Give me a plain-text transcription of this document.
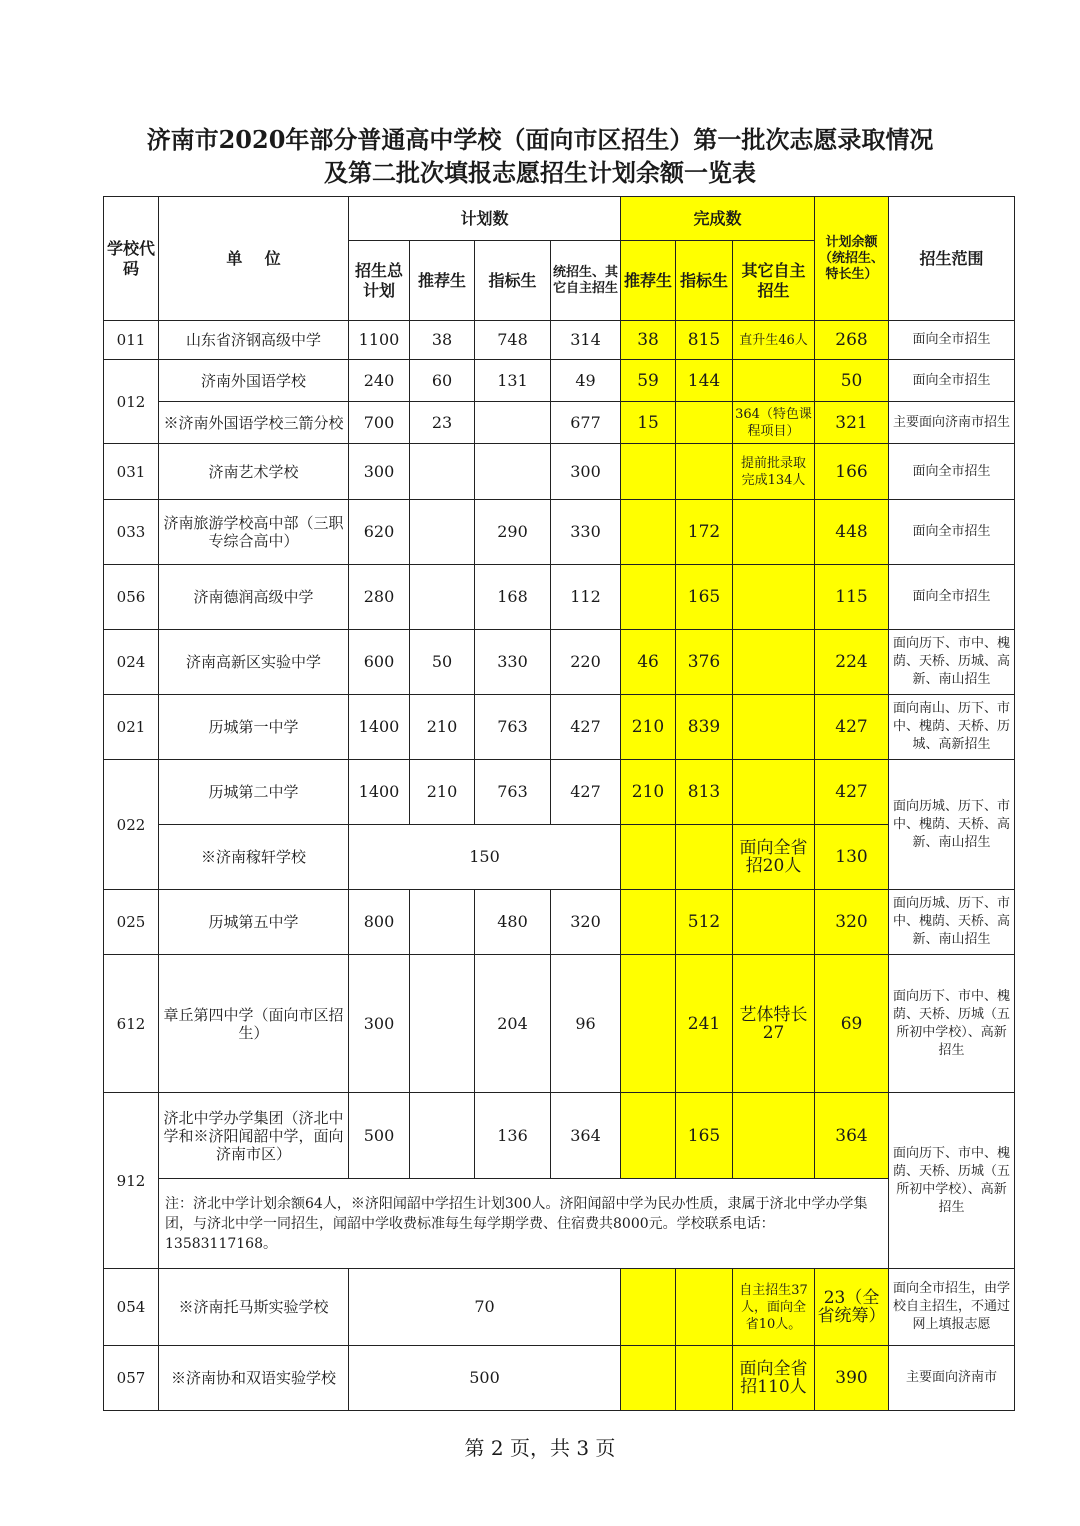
济南市2020年部分普通高中学校（面向市区招生）第一批次志愿录取情况
及第二批次填报志愿招生计划余额一览表
学校代码	单    位	计划数				完成数			计划余额（统招生、特长生）	招生范围
		招生总计划	推荐生	指标生	统招生、其它自主招生	推荐生	指标生	其它自主招生		
011	山东省济钢高级中学	1100	38	748	314	38	815	直升生46人	268	面向全市招生
012	济南外国语学校	240	60	131	49	59	144		50	面向全市招生
	※济南外国语学校三箭分校	700	23		677	15		364（特色课程项目）	321	主要面向济南市招生
031	济南艺术学校	300			300			提前批录取完成134人	166	面向全市招生
033	济南旅游学校高中部（三职专综合高中）	620		290	330		172		448	面向全市招生
056	济南德润高级中学	280		168	112		165		115	面向全市招生
024	济南高新区实验中学	600	50	330	220	46	376		224	面向历下、市中、槐荫、天桥、历城、高新、南山招生
021	历城第一中学	1400	210	763	427	210	839		427	面向南山、历下、市中、槐荫、天桥、历城、高新招生
022	历城第二中学	1400	210	763	427	210	813		427	面向历城、历下、市中、槐荫、天桥、高新、南山招生
	※济南稼轩学校	150						面向全省招20人	130	
025	历城第五中学	800		480	320		512		320	面向历城、历下、市中、槐荫、天桥、高新、南山招生
612	章丘第四中学（面向市区招生）	300		204	96		241	艺体特长27	69	面向历下、市中、槐荫、天桥、历城（五所初中学校）、高新招生
912	济北中学办学集团（济北中学和※济阳闻韶中学，面向济南市区）	500		136	364		165		364	面向历下、市中、槐荫、天桥、历城（五所初中学校）、高新招生
	注：济北中学计划余额64人，※济阳闻韶中学招生计划300人。济阳闻韶中学为民办性质，隶属于济北中学办学集团，与济北中学一同招生，闻韶中学收费标准每生每学期学费、住宿费共8000元。学校联系电话：13583117168。									
054	※济南托马斯实验学校	70						自主招生37人，面向全省10人。	23（全省统筹）	面向全市招生，由学校自主招生，不通过网上填报志愿
057	※济南协和双语实验学校	500						面向全省招110人	390	主要面向济南市
第 2 页，共 3 页
